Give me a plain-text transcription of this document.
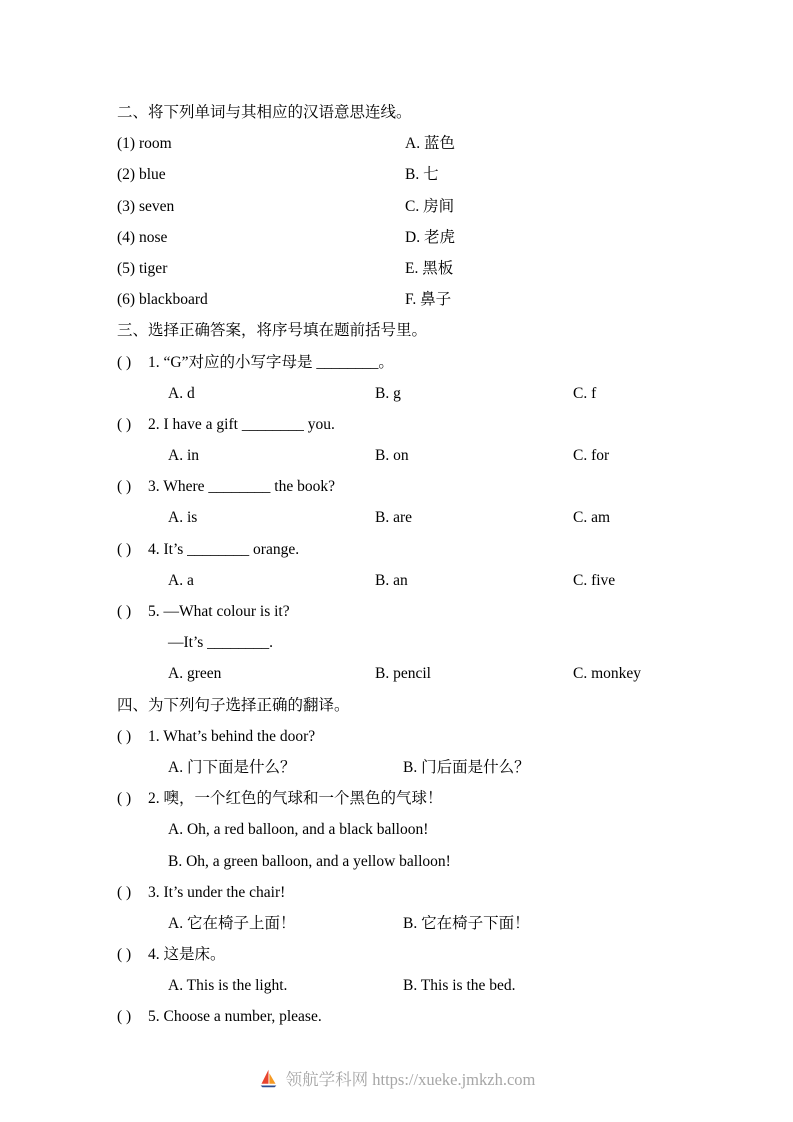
二、将下列单词与其相应的汉语意思连线。
(1) room	A. 蓝色
(2) blue	B. 七
(3) seven	C. 房间
(4) nose	D. 老虎
(5) tiger	E. 黑板
(6) blackboard	F. 鼻子
三、选择正确答案，将序号填在题前括号里。
( )	1. “G”对应的小写字母是 ________。
A. d	B. g	C. f
( )	2. I have a gift ________ you.
A. in	B. on	C. for
( )	3. Where ________ the book?
A. is	B. are	C. am
( )	4. It’s ________ orange.
A. a	B. an	C. five
( )	5. —What colour is it?
—It’s ________.
A. green	B. pencil	C. monkey
四、为下列句子选择正确的翻译。
( )	1. What’s behind the door?
A. 门下面是什么？	B. 门后面是什么？
( )	2. 噢，一个红色的气球和一个黑色的气球！
A. Oh, a red balloon, and a black balloon!
B. Oh, a green balloon, and a yellow balloon!
( )	3. It’s under the chair!
A. 它在椅子上面！	B. 它在椅子下面！
( )	4. 这是床。
A. This is the light.	B. This is the bed.
( )	5. Choose a number, please.
领航学科网 https://xueke.jmkzh.com
